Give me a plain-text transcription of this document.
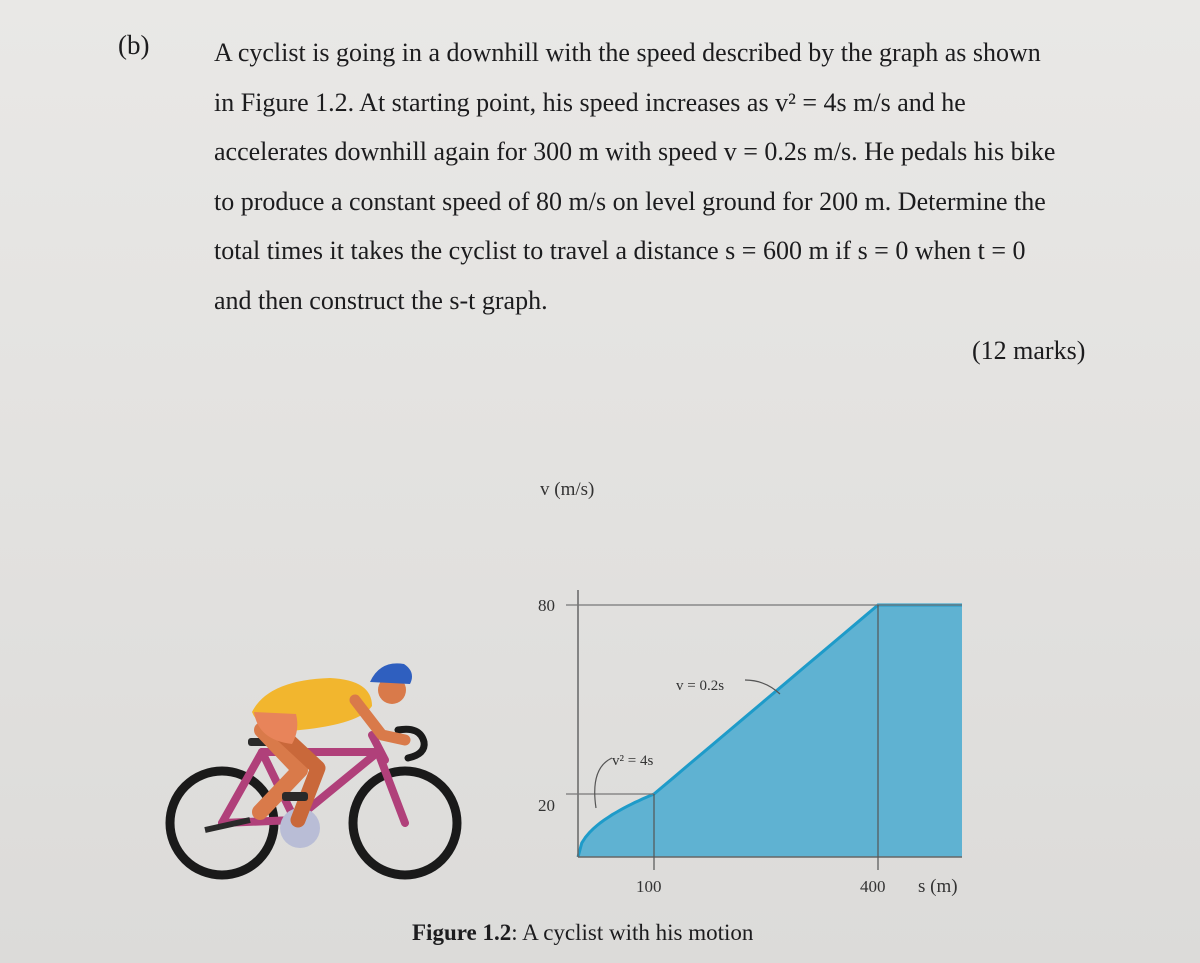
(b) A cyclist is going in a downhill with the speed described by the graph as shown
in Figure 1.2. At starting point, his speed increases as v² = 4s m/s and he
accelerates downhill again for 300 m with speed v = 0.2s m/s. He pedals his bike
to produce a constant speed of 80 m/s on level ground for 200 m. Determine the
total times it takes the cyclist to travel a distance s = 600 m if s = 0 when t = 0
and then construct the s-t graph.
(12 marks)
v (m/s)
s (m)
80
20
100	400
v = 0.2s
v² = 4s
Figure 1.2: A cyclist with his motion
